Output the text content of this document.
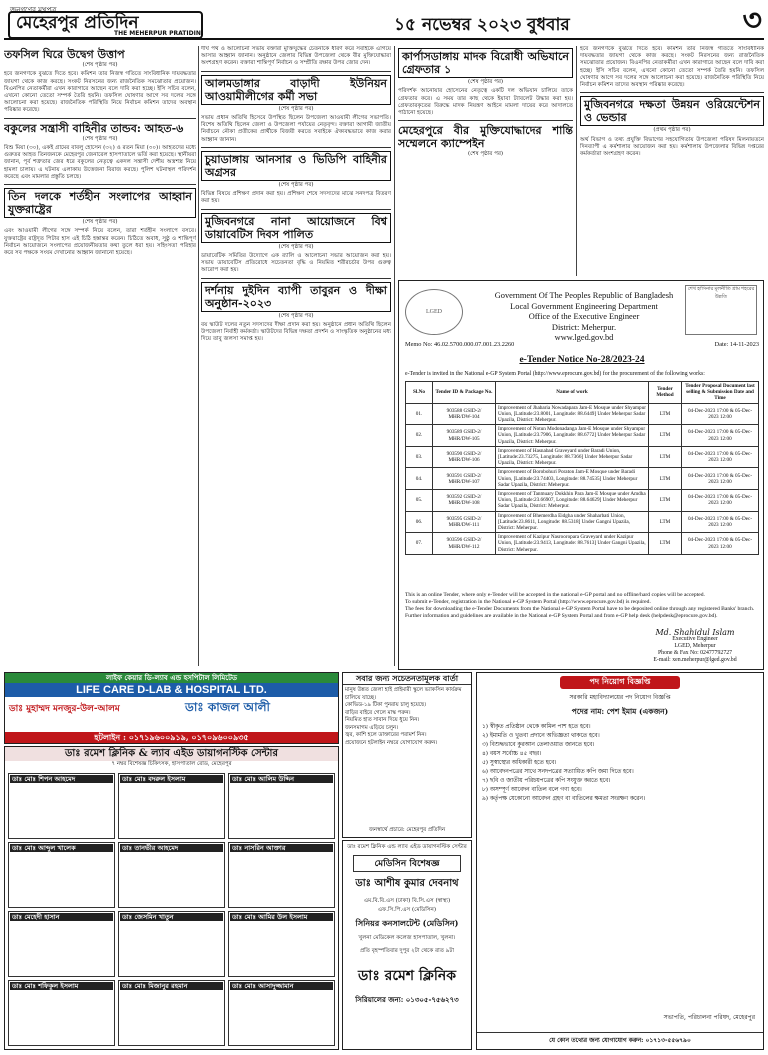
জনগণের মুখপত্র
মেহেরপুর প্রতিদিন
THE MEHERPUR PRATIDIN	১৫ নভেম্বর ২০২৩ বুধবার	৩
তফসিল ঘিরে উদ্বেগ উত্তাপ
(শেষ পৃষ্ঠার পর)
হবে জনগণকে বুঝতে দিতে হবে। কমিশন তার নিজস্ব গতিতে সাংবিধানিক দায়বদ্ধতার জায়গা থেকে কাজ করছে। সংকট নিরসনের জন্য রাজনৈতিক সমঝোতার প্রয়োজন। বিএনপির নেতাকর্মীরা এখন কারাগারে আছেন বলে দাবি করা হচ্ছে। ইসি সচিব বলেন, এখনো কোনো তেতো সম্পর্ক তৈরি হয়নি। তফসিল ঘোষণার আগে সব দলের সঙ্গে আলোচনা করা হয়েছে। রাজনৈতিক পরিস্থিতি নিয়ে নির্বাচন কমিশন তাদের অবস্থান পরিষ্কার করেছে।
বকুলের সন্ত্রাসী বাহিনীর তান্ডব: আহত-৬
(শেষ পৃষ্ঠার পর)
বিশু মিয়া (৩০), একই গ্রামের বাবলু হোসেন (৩২) ও রতন মিয়া (৩০)। আহতদের মধ্যে গুরুতর আহত তিনজনকে মেহেরপুর জেনারেল হাসপাতালে ভর্তি করা হয়েছে। স্থানীয়রা জানান, পূর্ব শত্রুতার জের ধরে বকুলের নেতৃত্বে একদল সন্ত্রাসী দেশীয় অস্ত্রশস্ত্র নিয়ে হামলা চালায়। এ ঘটনায় এলাকায় উত্তেজনা বিরাজ করছে। পুলিশ ঘটনাস্থল পরিদর্শন করেছে এবং মামলার প্রস্তুতি চলছে।
তিন দলকে শর্তহীন সংলাপের আহ্বান যুক্তরাষ্ট্রের
(শেষ পৃষ্ঠার পর)
এবং আওয়ামী লীগের সঙ্গে সম্পর্ক নিয়ে বলেন, তারা শর্তহীন সংলাপে বসবে। যুক্তরাষ্ট্রের রাষ্ট্রদূত পিটার হাস এই চিঠি হস্তান্তর করেন। চিঠিতে অবাধ, সুষ্ঠু ও শান্তিপূর্ণ নির্বাচন আয়োজনে সংলাপের প্রয়োজনীয়তার কথা তুলে ধরা হয়। সহিংসতা পরিহার করে সব পক্ষকে সংযম দেখানোর আহ্বান জানানো হয়েছে।
দীর্ঘ পথ ও আলোচনা সভায় বক্তারা মুক্তিযুদ্ধের চেতনাকে ধারণ করে সবাইকে এগিয়ে আসার আহ্বান জানান। অনুষ্ঠানে জেলার বিভিন্ন উপজেলা থেকে বীর মুক্তিযোদ্ধারা অংশগ্রহণ করেন। বক্তারা শান্তিপূর্ণ নির্বাচন ও সম্প্রীতি রক্ষার উপর জোর দেন।
আলমডাঙ্গার বাড়াদী ইউনিয়ন আওয়ামীলীগের কর্মী সভা
(শেষ পৃষ্ঠার পর)
সভায় প্রধান অতিথি হিসেবে উপস্থিত ছিলেন উপজেলা আওয়ামী লীগের সভাপতি। বিশেষ অতিথি ছিলেন জেলা ও উপজেলা পর্যায়ের নেতৃবৃন্দ। বক্তারা আগামী জাতীয় নির্বাচনে নৌকা প্রতীকের প্রার্থীকে বিজয়ী করতে সবাইকে ঐক্যবদ্ধভাবে কাজ করার আহ্বান জানান।
চুয়াডাঙ্গায় আনসার ও ভিডিপি বাহিনীর অগ্রসর
(শেষ পৃষ্ঠার পর)
বিভিন্ন বিষয়ে প্রশিক্ষণ প্রদান করা হয়। প্রশিক্ষণ শেষে সদস্যদের মাঝে সনদপত্র বিতরণ করা হয়।
মুজিবনগরে নানা আয়োজনে বিশ্ব ডায়াবেটিস দিবস পালিত
(শেষ পৃষ্ঠার পর)
ডায়াবেটিক সমিতির উদ্যোগে এক র‍্যালি ও আলোচনা সভার আয়োজন করা হয়। সভায় ডায়াবেটিস প্রতিরোধে সচেতনতা বৃদ্ধি ও নিয়মিত শরীরচর্চার উপর গুরুত্ব আরোপ করা হয়।
দর্শনায় দুইদিন ব্যাপী তাবুরন ও দীক্ষা অনুষ্ঠান-২০২৩
(শেষ পৃষ্ঠার পর)
বয় স্কাউট দলের নতুন সদস্যদের দীক্ষা প্রদান করা হয়। অনুষ্ঠানে প্রধান অতিথি ছিলেন উপজেলা নির্বাহী কর্মকর্তা। স্কাউটদের বিভিন্ন দক্ষতা প্রদর্শন ও সাংস্কৃতিক অনুষ্ঠানের মধ্য দিয়ে তাবু জলসা সমাপ্ত হয়।
কার্পাসডাঙ্গায় মাদক বিরোধী অভিযানে গ্রেফতার ১
(শেষ পৃষ্ঠার পর)
পরিদর্শক আনোয়ার হোসেনের নেতৃত্বে একটি দল অভিযান চালিয়ে তাকে গ্রেফতার করে। এ সময় তার কাছ থেকে ইয়াবা ট্যাবলেট উদ্ধার করা হয়। গ্রেফতারকৃতের বিরুদ্ধে মাদক নিয়ন্ত্রণ আইনে মামলা দায়ের করে আদালতে পাঠানো হয়েছে।
মেহেরপুরে বীর মুক্তিযোদ্ধাদের শান্তি সম্মেলনে ক্যাম্পেইন
(শেষ পৃষ্ঠার পর)
হবে জনগণকে বুঝতে দিতে হবে। কমিশন তার নিজস্ব গতিতে সাংবিধানিক দায়বদ্ধতার জায়গা থেকে কাজ করছে। সংকট নিরসনের জন্য রাজনৈতিক সমঝোতার প্রয়োজন। বিএনপির নেতাকর্মীরা এখন কারাগারে আছেন বলে দাবি করা হচ্ছে। ইসি সচিব বলেন, এখনো কোনো তেতো সম্পর্ক তৈরি হয়নি। তফসিল ঘোষণার আগে সব দলের সঙ্গে আলোচনা করা হয়েছে। রাজনৈতিক পরিস্থিতি নিয়ে নির্বাচন কমিশন তাদের অবস্থান পরিষ্কার করেছে।
মুজিবনগরে দক্ষতা উন্নয়ন ওরিয়েন্টেশন ও ভেন্ডার
(প্রথম পৃষ্ঠার পর)
অর্থ বিভাগ ও তথ্য প্রযুক্তি বিভাগের সহযোগিতায় উপজেলা পরিষদ মিলনায়তনে দিনব্যাপী এ কর্মশালার আয়োজন করা হয়। কর্মশালায় উপজেলার বিভিন্ন দপ্তরের কর্মকর্তারা অংশগ্রহণ করেন।
LGED
Government Of The Peoples Republic of Bangladesh
Local Government Engineering Department
Office of the Executive Engineer
District: Meherpur.
www.lged.gov.bd
শেখ হাসিনার মূলনীতি গ্রাম শহরের উন্নতি
Memo No: 46.02.5700.000.07.001.23.2260	Date: 14-11-2023
e-Tender Notice No-28/2023-24
e-Tender is invited in the National e-GP System Portal (http://www.eprocure.gov.bd) for the procurement of the following works:
Sl.No	Tender ID & Package No.	Name of work	Tender Method	Tender Proposal Document last selling & Submission Date and Time
01.	903588 GSID-2/ MHR/DW-104	Improvement of Jhabaria Nowadapara Jam-E Mosque under Shyampur Union, [Latitude:23.8001, Longitude: 88.6449] Under Meherpur Sadar Upazila, District: Meherpur.	LTM	04-Dec-2023 17:00 & 05-Dec-2023 12:00
02.	903589 GSID-2/ MHR/DW-105	Improvement of Notun Modonadanga Jam-E Mosque under Shyampur Union, [Latitude:23.7906, Longitude: 88.6772] Under Meherpur Sadar Upazila, District: Meherpur.	LTM	04-Dec-2023 17:00 & 05-Dec-2023 12:00
03.	903590 GSID-2/ MHR/DW-106	Improvement of Hasnabad Graveyard under Baradi Union, [Latitude:23.73275, Longitude: 88.7366] Under Meherpur Sadar Upazila, District: Meherpur.	LTM	04-Dec-2023 17:00 & 05-Dec-2023 12:00
04.	903591 GSID-2/ MHR/DW-107	Improvement of Borobohuri Poraton Jam-E Mosque under Baradi Union, [Latitude:23.74403, Longitude: 88.74535] Under Meherpur Sadar Upazila, District: Meherpur.	LTM	04-Dec-2023 17:00 & 05-Dec-2023 12:00
05.	903592 GSID-2/ MHR/DW-108	Improvement of Tanmuary Dokkhin Para Jam-E Mosque under Amdha Union, [Latitude:23.66907, Longitude: 88.64629] Under Meherpur Sadar Upazila, District: Meherpur.	LTM	04-Dec-2023 17:00 & 05-Dec-2023 12:00
06.	903595 GSID-2/ MHR/DW-111	Improvement of Bhemerdha Eidgha under Shaharbati Union, [Latitude:23.8611, Longitude: 88.5318] Under Gangni Upazila, District: Meherpur.	LTM	04-Dec-2023 17:00 & 05-Dec-2023 12:00
07.	903596 GSID-2/ MHR/DW-112	Improvement of Kazipur Nasrooropara Graveyard under Kazipur Union, [Latitude:23.9413, Longitude: 88.7613] Under Gangni Upazila, District: Meherpur.	LTM	04-Dec-2023 17:00 & 05-Dec-2023 12:00
This is an online Tender, where only e-Tender will be accepted in the national e-GP portal and no offline/hard copies will be accepted.
To submit e-Tender, registration in the National e-GP System Portal (http://www.eprocure.gov.bd) is required.
The fees for downloading the e-Tender Documents from the National e-GP System Portal have to be deposited online through any registered Banks' branch. Further information and guidelines are available in the National e-GP System Portal and from e-GP help desk (helpdesk@eprocure.gov.bd).
Md. Shahidul Islam
Executive Engineer
LGED, Meherpur
Phone & Fax No: 02477792727
E-mail: xen.meherpur@lged.gov.bd
লাইফ কেয়ার ডি-ল্যাব এন্ড হসপিটাল লিমিটেড
LIFE CARE D-LAB & HOSPITAL LTD.
ডাঃ মুহাম্মদ মনজুর-উল-আলম	ডাঃ কাজল আলী
হটলাইন : ০১৭১৯৬০০৯১৯, ০১৭০৯৬০০৯৩৫
ডাঃ রমেশ ক্লিনিক & ল্যাব এইড ডায়াগনস্টিক সেন্টার
৭ নম্বর বিশেষজ্ঞ চিকিৎসক, হাসপাতাল রোড, মেহেরপুর
ডাঃ মোঃ শিপন আহমেদ	ডাঃ মোঃ বদরুল ইসলাম	ডাঃ মোঃ আলিম উদ্দিন
ডাঃ মোঃ আব্দুল খালেক	ডাঃ তানভীর আহমেদ	ডাঃ নাসরিন আক্তার
ডাঃ মেহেদী হাসান	ডাঃ জেসমিন খাতুন	ডাঃ মোঃ আমির উল ইসলাম
ডাঃ মোঃ শফিকুল ইসলাম	ডাঃ মোঃ মিজানুর রহমান	ডাঃ মোঃ আসাদুজ্জামান
সবার জন্য সচেতনতামূলক বার্তা
মানুষ উন্নত জেলা হাই প্রাইমারী স্কুলে ভ্যাকসিন কার্যক্রম চালিয়ে যাচ্ছে।
কোভিড-১৯ টিকা পুনরায় চালু হয়েছে।
বাড়ির বাইরে গেলে মাস্ক পরুন।
নিয়মিত হাত সাবান দিয়ে ধুয়ে নিন।
জনসমাগম এড়িয়ে চলুন।
জ্বর, কাশি হলে ডাক্তারের পরামর্শ নিন।
প্রয়োজনে হটলাইন নম্বরে যোগাযোগ করুন।
জনস্বার্থে প্রচারে: মেহেরপুর প্রতিদিন
ডাঃ রমেশ ক্লিনিক এন্ড ল্যাব এইড ডায়াগনস্টিক সেন্টার
মেডিসিন বিশেষজ্ঞ
ডাঃ আশীষ কুমার দেবনাথ
এম.বি.বি.এস (ঢাকা) বি.সি.এস (স্বাস্থ্য)
এফ.সি.পি.এস (মেডিসিন)
সিনিয়র কনসালটেন্ট (মেডিসিন)
খুলনা মেডিকেল কলেজ হাসপাতাল, খুলনা।
প্রতি বৃহস্পতিবার দুপুর ২টা থেকে রাত ৯টা
ডাঃ রমেশ ক্লিনিক
সিরিয়ালের জন্য: ০১৩০৫-৭৫৬২৭৩
পদ নিয়োগ বিজ্ঞপ্তি
সরকারি মহাবিদ্যালয়ের পদ নিয়োগ বিজ্ঞপ্তি
পদের নাম: পেশ ইমাম (একজন)
১) স্বীকৃত প্রতিষ্ঠান থেকে কামিল পাশ হতে হবে।
২) ইমামতি ও খুতবা প্রদানে অভিজ্ঞতা থাকতে হবে।
৩) বিশুদ্ধভাবে কুরআন তেলাওয়াত জানতে হবে।
৪) বয়স সর্বোচ্চ ৪৫ বছর।
৫) সুস্বাস্থ্যের অধিকারী হতে হবে।
৬) আবেদনপত্রের সাথে সনদপত্রের সত্যায়িত কপি জমা দিতে হবে।
৭) ছবি ও জাতীয় পরিচয়পত্রের কপি সংযুক্ত করতে হবে।
৮) অসম্পূর্ণ আবেদন বাতিল বলে গণ্য হবে।
৯) কর্তৃপক্ষ যেকোনো আবেদন গ্রহণ বা বাতিলের ক্ষমতা সংরক্ষণ করেন।
সভাপতি, পরিচালনা পরিষদ, মেহেরপুর
যে কোন তথ্যের জন্য যোগাযোগ করুন: ০১৭১৩-৫৫৬৭৯০
